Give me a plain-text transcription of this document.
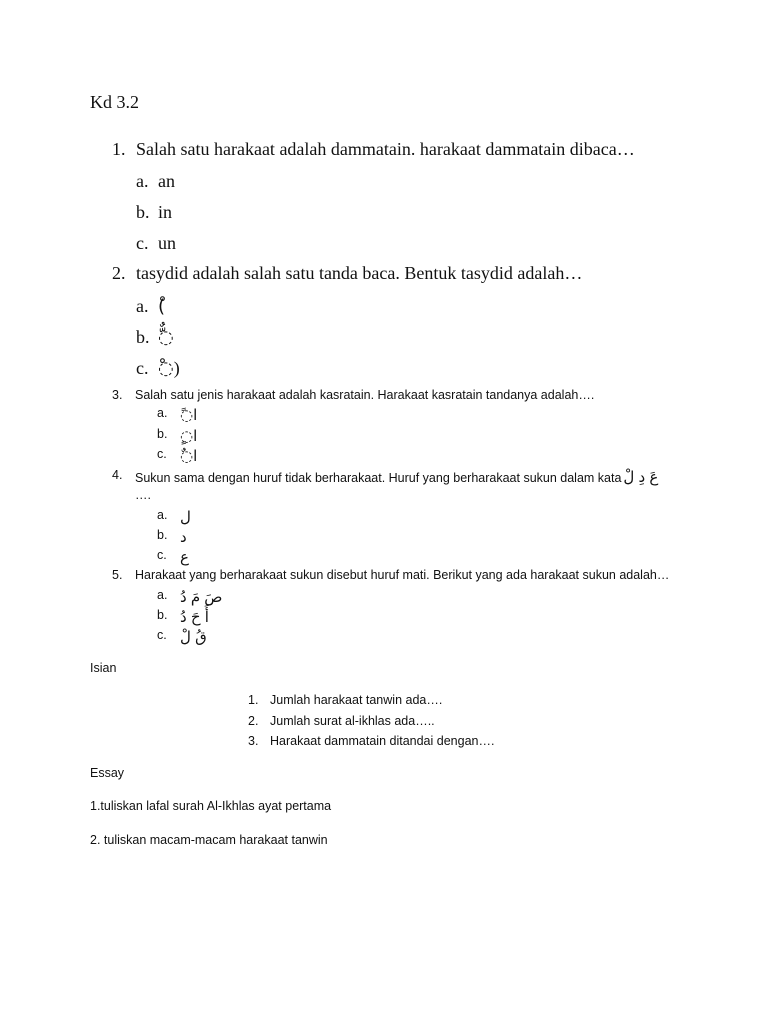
Kd 3.2
1. Salah satu harakaat adalah dammatain. harakaat dammatain dibaca…
a. an
b. in
c. un
2. tasydid adalah salah satu tanda baca. Bentuk tasydid adalah…
a. (ْ
b. ◌ٌّ
c. ◌ْ)
3. Salah satu jenis harakaat adalah kasratain. Harakaat kasratain tandanya adalah….
a. ◌ًا
b. ◌ٍا
c. ◌ٌا
4. Sukun sama dengan huruf tidak berharakaat. Huruf yang berharakaat sukun dalam kata عَ دِ لْ
….
a. ل
b. د
c. ع
5. Harakaat yang berharakaat sukun disebut huruf mati. Berikut yang ada harakaat sukun adalah…
a. صَ مَ دُ
b. أَ حَ دُ
c. قُ لْ
Isian
1. Jumlah harakaat tanwin ada….
2. Jumlah surat al-ikhlas ada…..
3. Harakaat dammatain ditandai dengan….
Essay
1.tuliskan lafal surah Al-Ikhlas ayat pertama
2. tuliskan macam-macam harakaat tanwin
